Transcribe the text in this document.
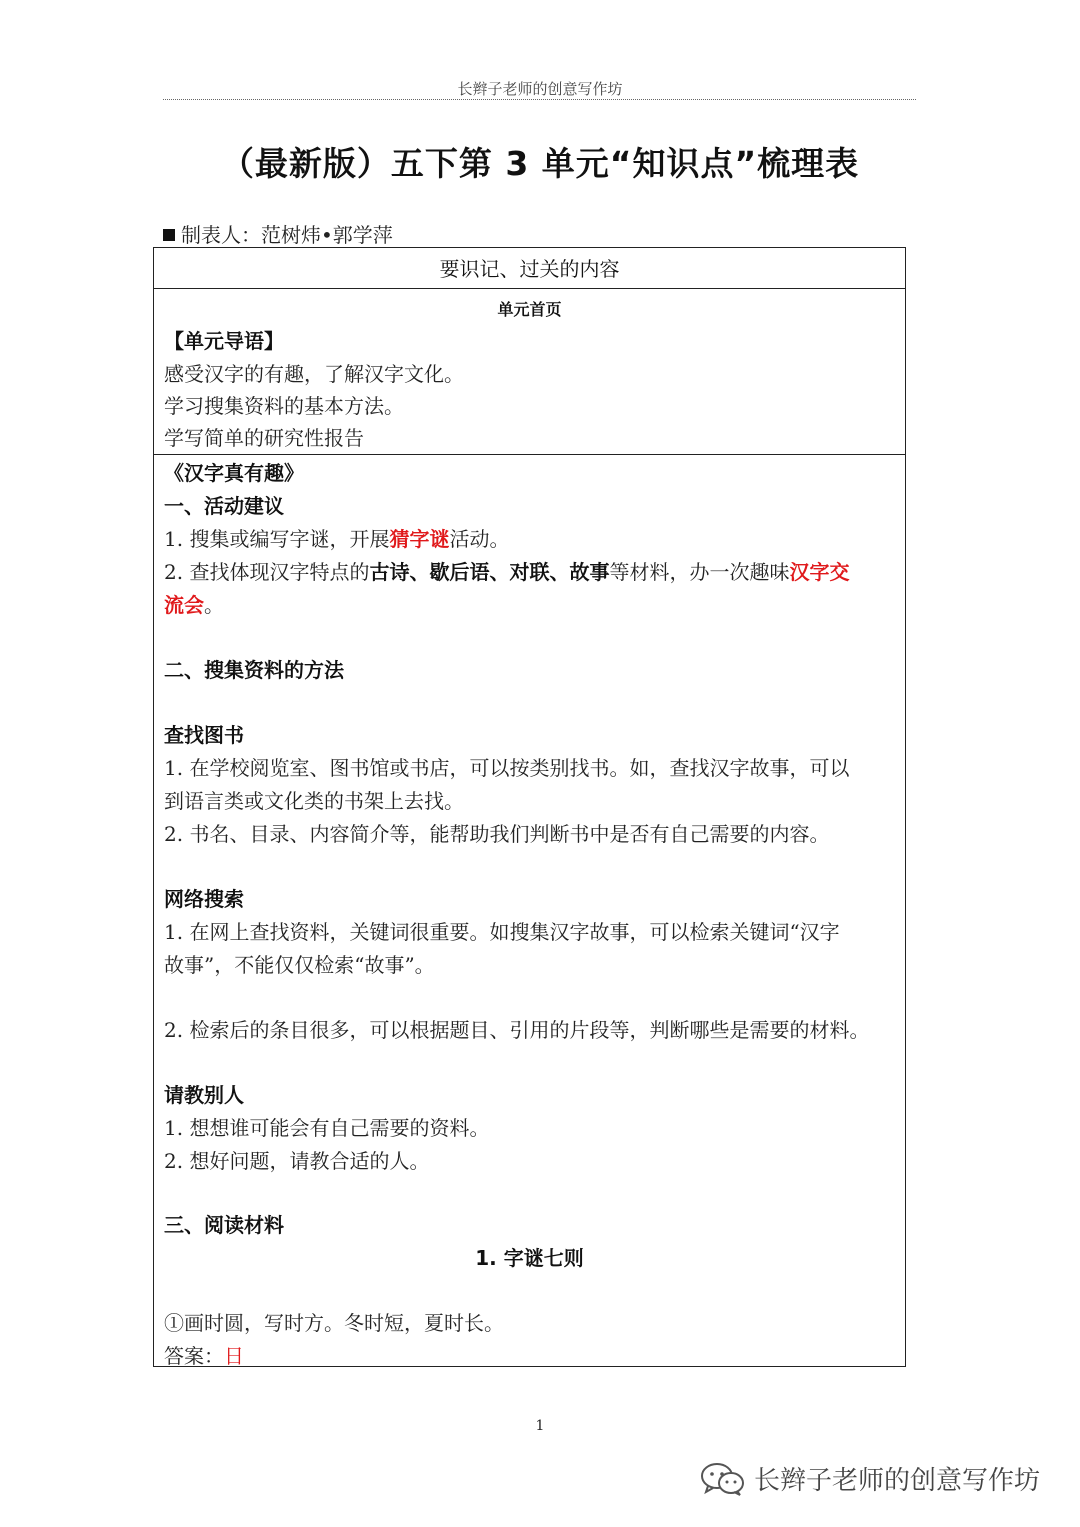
长辫子老师的创意写作坊
（最新版）五下第 3 单元“知识点”梳理表
制表人：范树炜•郭学萍
要识记、过关的内容
单元首页
【单元导语】
感受汉字的有趣，了解汉字文化。
学习搜集资料的基本方法。
学写简单的研究性报告
《汉字真有趣》
一、活动建议
1. 搜集或编写字谜，开展猜字谜活动。
2. 查找体现汉字特点的古诗、歇后语、对联、故事等材料，办一次趣味汉字交
流会。
二、搜集资料的方法
查找图书
1. 在学校阅览室、图书馆或书店，可以按类别找书。如，查找汉字故事，可以
到语言类或文化类的书架上去找。
2. 书名、目录、内容简介等，能帮助我们判断书中是否有自己需要的内容。
网络搜索
1. 在网上查找资料，关键词很重要。如搜集汉字故事，可以检索关键词“汉字
故事”，不能仅仅检索“故事”。
2. 检索后的条目很多，可以根据题目、引用的片段等，判断哪些是需要的材料。
请教别人
1. 想想谁可能会有自己需要的资料。
2. 想好问题，请教合适的人。
三、阅读材料
1. 字谜七则
①画时圆，写时方。冬时短，夏时长。
答案：日
1
长辫子老师的创意写作坊
